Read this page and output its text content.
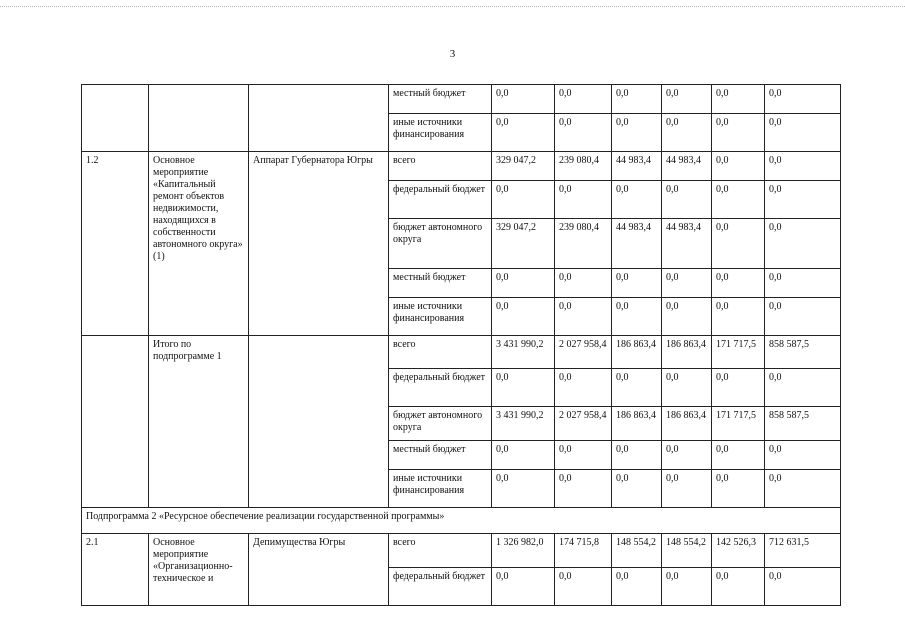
3
			местный бюджет	0,0	0,0	0,0	0,0	0,0	0,0
			иные источники финансирования	0,0	0,0	0,0	0,0	0,0	0,0
1.2	Основное мероприятие «Капитальный ремонт объектов недвижимости, находящихся в собственности автономного округа» (1)	Аппарат Губернатора Югры	всего	329 047,2	239 080,4	44 983,4	44 983,4	0,0	0,0
			федеральный бюджет	0,0	0,0	0,0	0,0	0,0	0,0
			бюджет автономного округа	329 047,2	239 080,4	44 983,4	44 983,4	0,0	0,0
			местный бюджет	0,0	0,0	0,0	0,0	0,0	0,0
			иные источники финансирования	0,0	0,0	0,0	0,0	0,0	0,0
	Итого по подпрограмме 1		всего	3 431 990,2	2 027 958,4	186 863,4	186 863,4	171 717,5	858 587,5
			федеральный бюджет	0,0	0,0	0,0	0,0	0,0	0,0
			бюджет автономного округа	3 431 990,2	2 027 958,4	186 863,4	186 863,4	171 717,5	858 587,5
			местный бюджет	0,0	0,0	0,0	0,0	0,0	0,0
			иные источники финансирования	0,0	0,0	0,0	0,0	0,0	0,0
Подпрограмма 2 «Ресурсное обеспечение реализации государственной программы»									
2.1	Основное мероприятие «Организационно-техническое и	Депимущества Югры	всего	1 326 982,0	174 715,8	148 554,2	148 554,2	142 526,3	712 631,5
			федеральный бюджет	0,0	0,0	0,0	0,0	0,0	0,0
